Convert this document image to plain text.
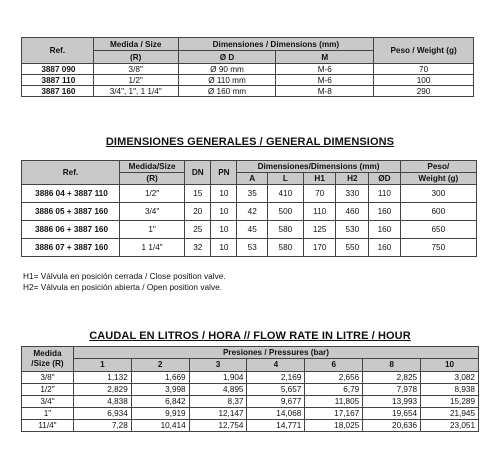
Ref.	Medida / Size	Dimensiones / Dimensions (mm)		Peso / Weight (g)
	(R)	Ø D	M	
3887 090	3/8"	Ø 90 mm	M-6	70
3887 110	1/2"	Ø 110 mm	M-6	100
3887 160	3/4", 1", 1 1/4"	Ø 160 mm	M-8	290
DIMENSIONES GENERALES / GENERAL DIMENSIONS
Ref.	Medida/Size	DN	PN	Dimensiones/Dimensions (mm)					Peso/
	(R)			A	L	H1	H2	ØD	Weight (g)
3886 04 + 3887 110	1/2"	15	10	35	410	70	330	110	300
3886 05 + 3887 160	3/4"	20	10	42	500	110	460	160	600
3886 06 + 3887 160	1"	25	10	45	580	125	530	160	650
3886 07 + 3887 160	1 1/4"	32	10	53	580	170	550	160	750
H1= Válvula en posición cerrada / Close position valve.
H2= Válvula en posición abierta / Open position valve.
CAUDAL EN LITROS / HORA // FLOW RATE IN LITRE / HOUR
Medida
/Size (R)	Presiones / Pressures (bar)						
	1	2	3	4	6	8	10
3/8"	1,132	1,669	1,904	2,169	2,656	2,825	3,082
1/2"	2,829	3,998	4,895	5,657	6,79	7,978	8,938
3/4"	4,838	6,842	8,37	9,677	11,805	13,993	15,289
1"	6,934	9,919	12,147	14,068	17,167	19,654	21,945
11/4"	7,28	10,414	12,754	14,771	18,025	20,636	23,051
